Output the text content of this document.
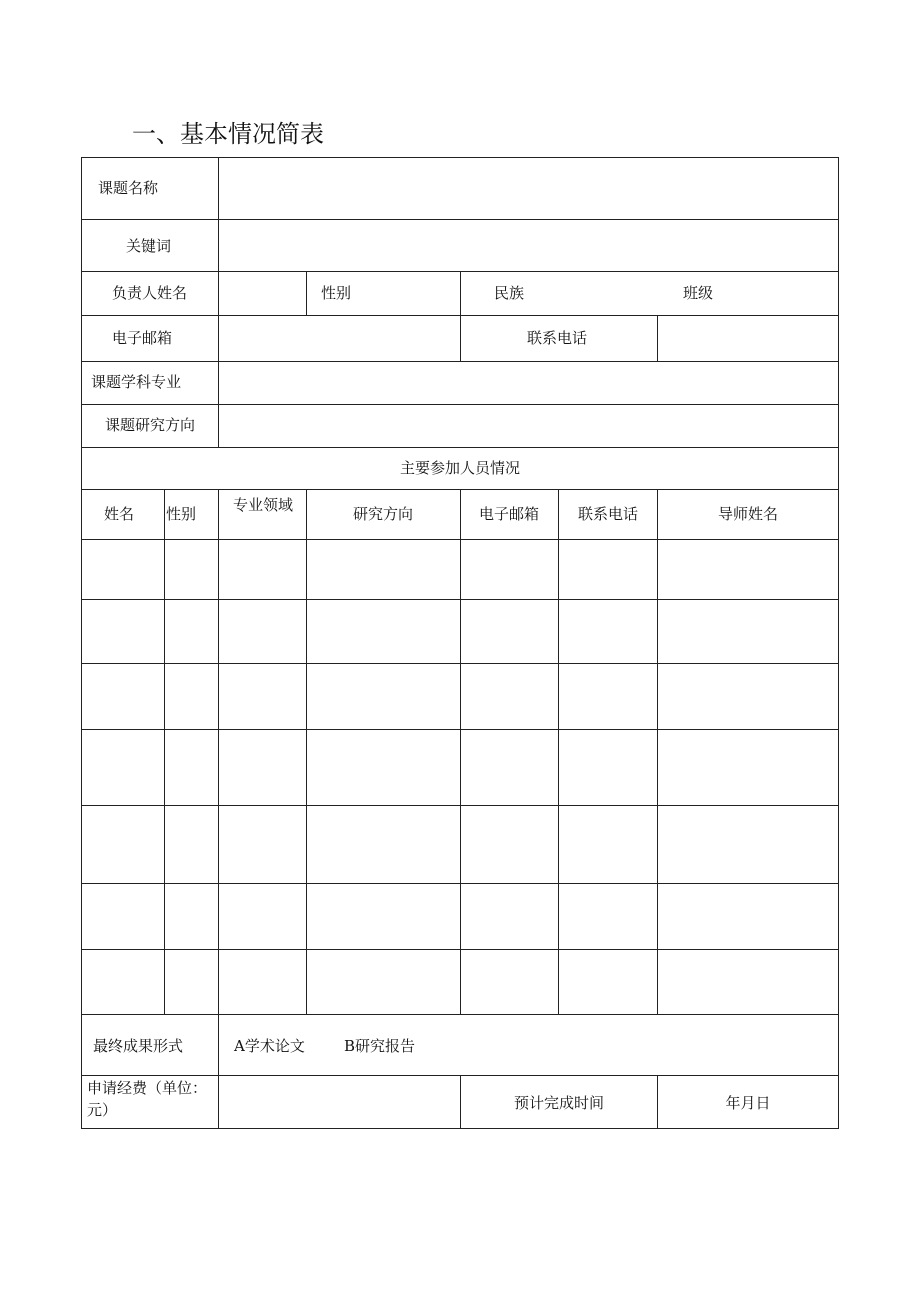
一、基本情况简表
课题名称
关键词
负责人姓名	性别	民族	班级
电子邮箱	联系电话
课题学科专业
课题研究方向
主要参加人员情况
姓名 性别 专业领域	研究方向	电子邮箱	联系电话	导师姓名
最终成果形式	A学术论文	B研究报告
申请经费（单位：元）	预计完成时间	年月日
